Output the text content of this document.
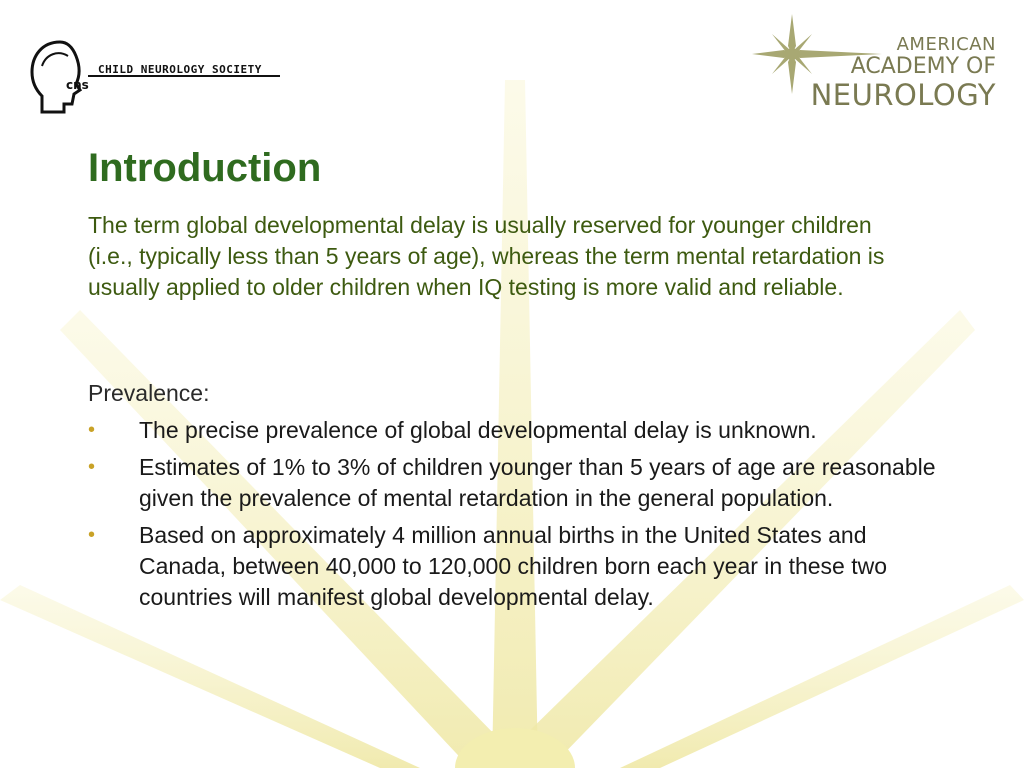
CHILD NEUROLOGY SOCIETY
cns
AMERICAN
ACADEMY OF
NEUROLOGY
Introduction

The term global developmental delay is usually reserved for younger children (i.e., typically less than 5 years of age), whereas the term mental retardation is usually applied to older children when IQ testing is more valid and reliable.

Prevalence:

• The precise prevalence of global developmental delay is unknown.
• Estimates of 1% to 3% of children younger than 5 years of age are reasonable given the prevalence of mental retardation in the general population.
• Based on approximately 4 million annual births in the United States and Canada, between 40,000 to 120,000 children born each year in these two countries will manifest global developmental delay.
